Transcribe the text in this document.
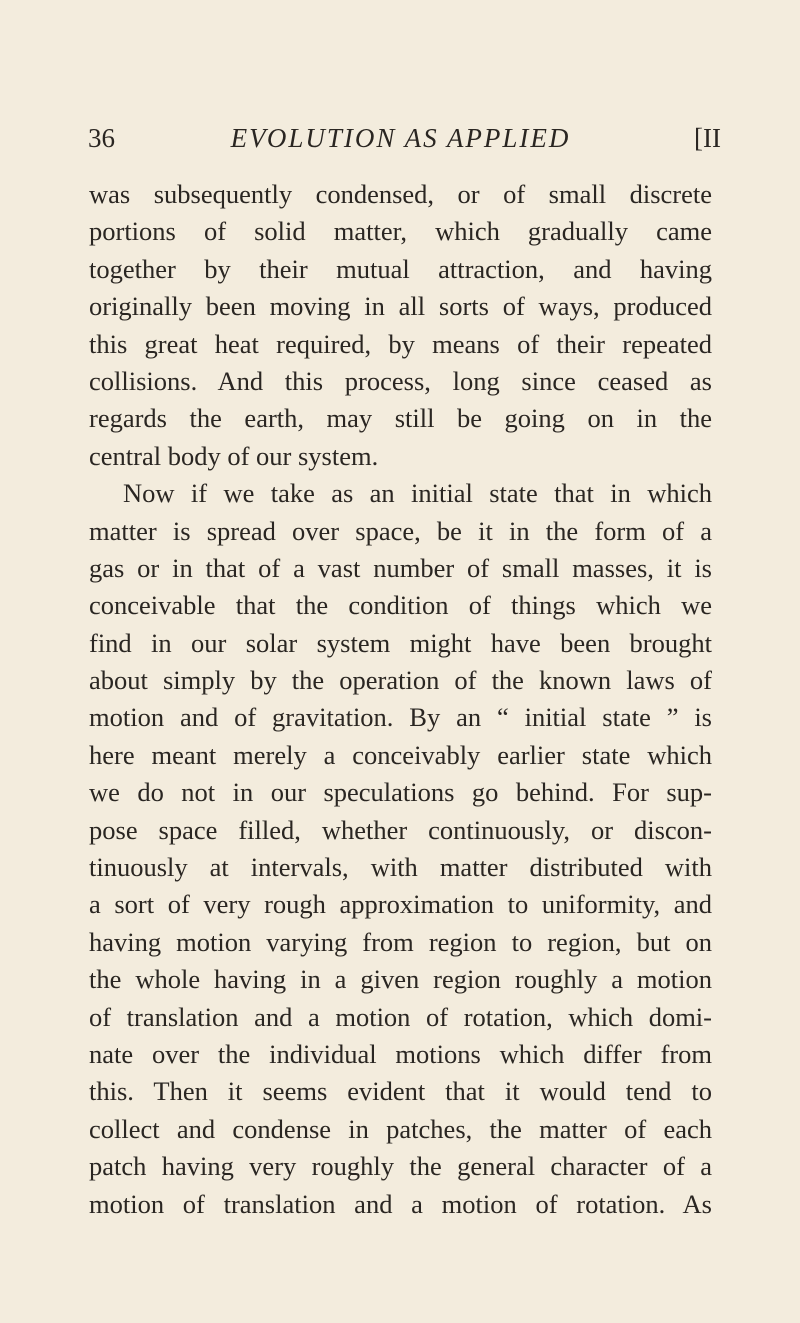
36	EVOLUTION AS APPLIED	[II
was subsequently condensed, or of small discrete
portions of solid matter, which gradually came
together by their mutual attraction, and having
originally been moving in all sorts of ways, produced
this great heat required, by means of their repeated
collisions. And this process, long since ceased as
regards the earth, may still be going on in the
central body of our system.
Now if we take as an initial state that in which
matter is spread over space, be it in the form of a
gas or in that of a vast number of small masses, it is
conceivable that the condition of things which we
find in our solar system might have been brought
about simply by the operation of the known laws of
motion and of gravitation. By an “ initial state ” is
here meant merely a conceivably earlier state which
we do not in our speculations go behind. For sup-
pose space filled, whether continuously, or discon-
tinuously at intervals, with matter distributed with
a sort of very rough approximation to uniformity, and
having motion varying from region to region, but on
the whole having in a given region roughly a motion
of translation and a motion of rotation, which domi-
nate over the individual motions which differ from
this. Then it seems evident that it would tend to
collect and condense in patches, the matter of each
patch having very roughly the general character of a
motion of translation and a motion of rotation. As
